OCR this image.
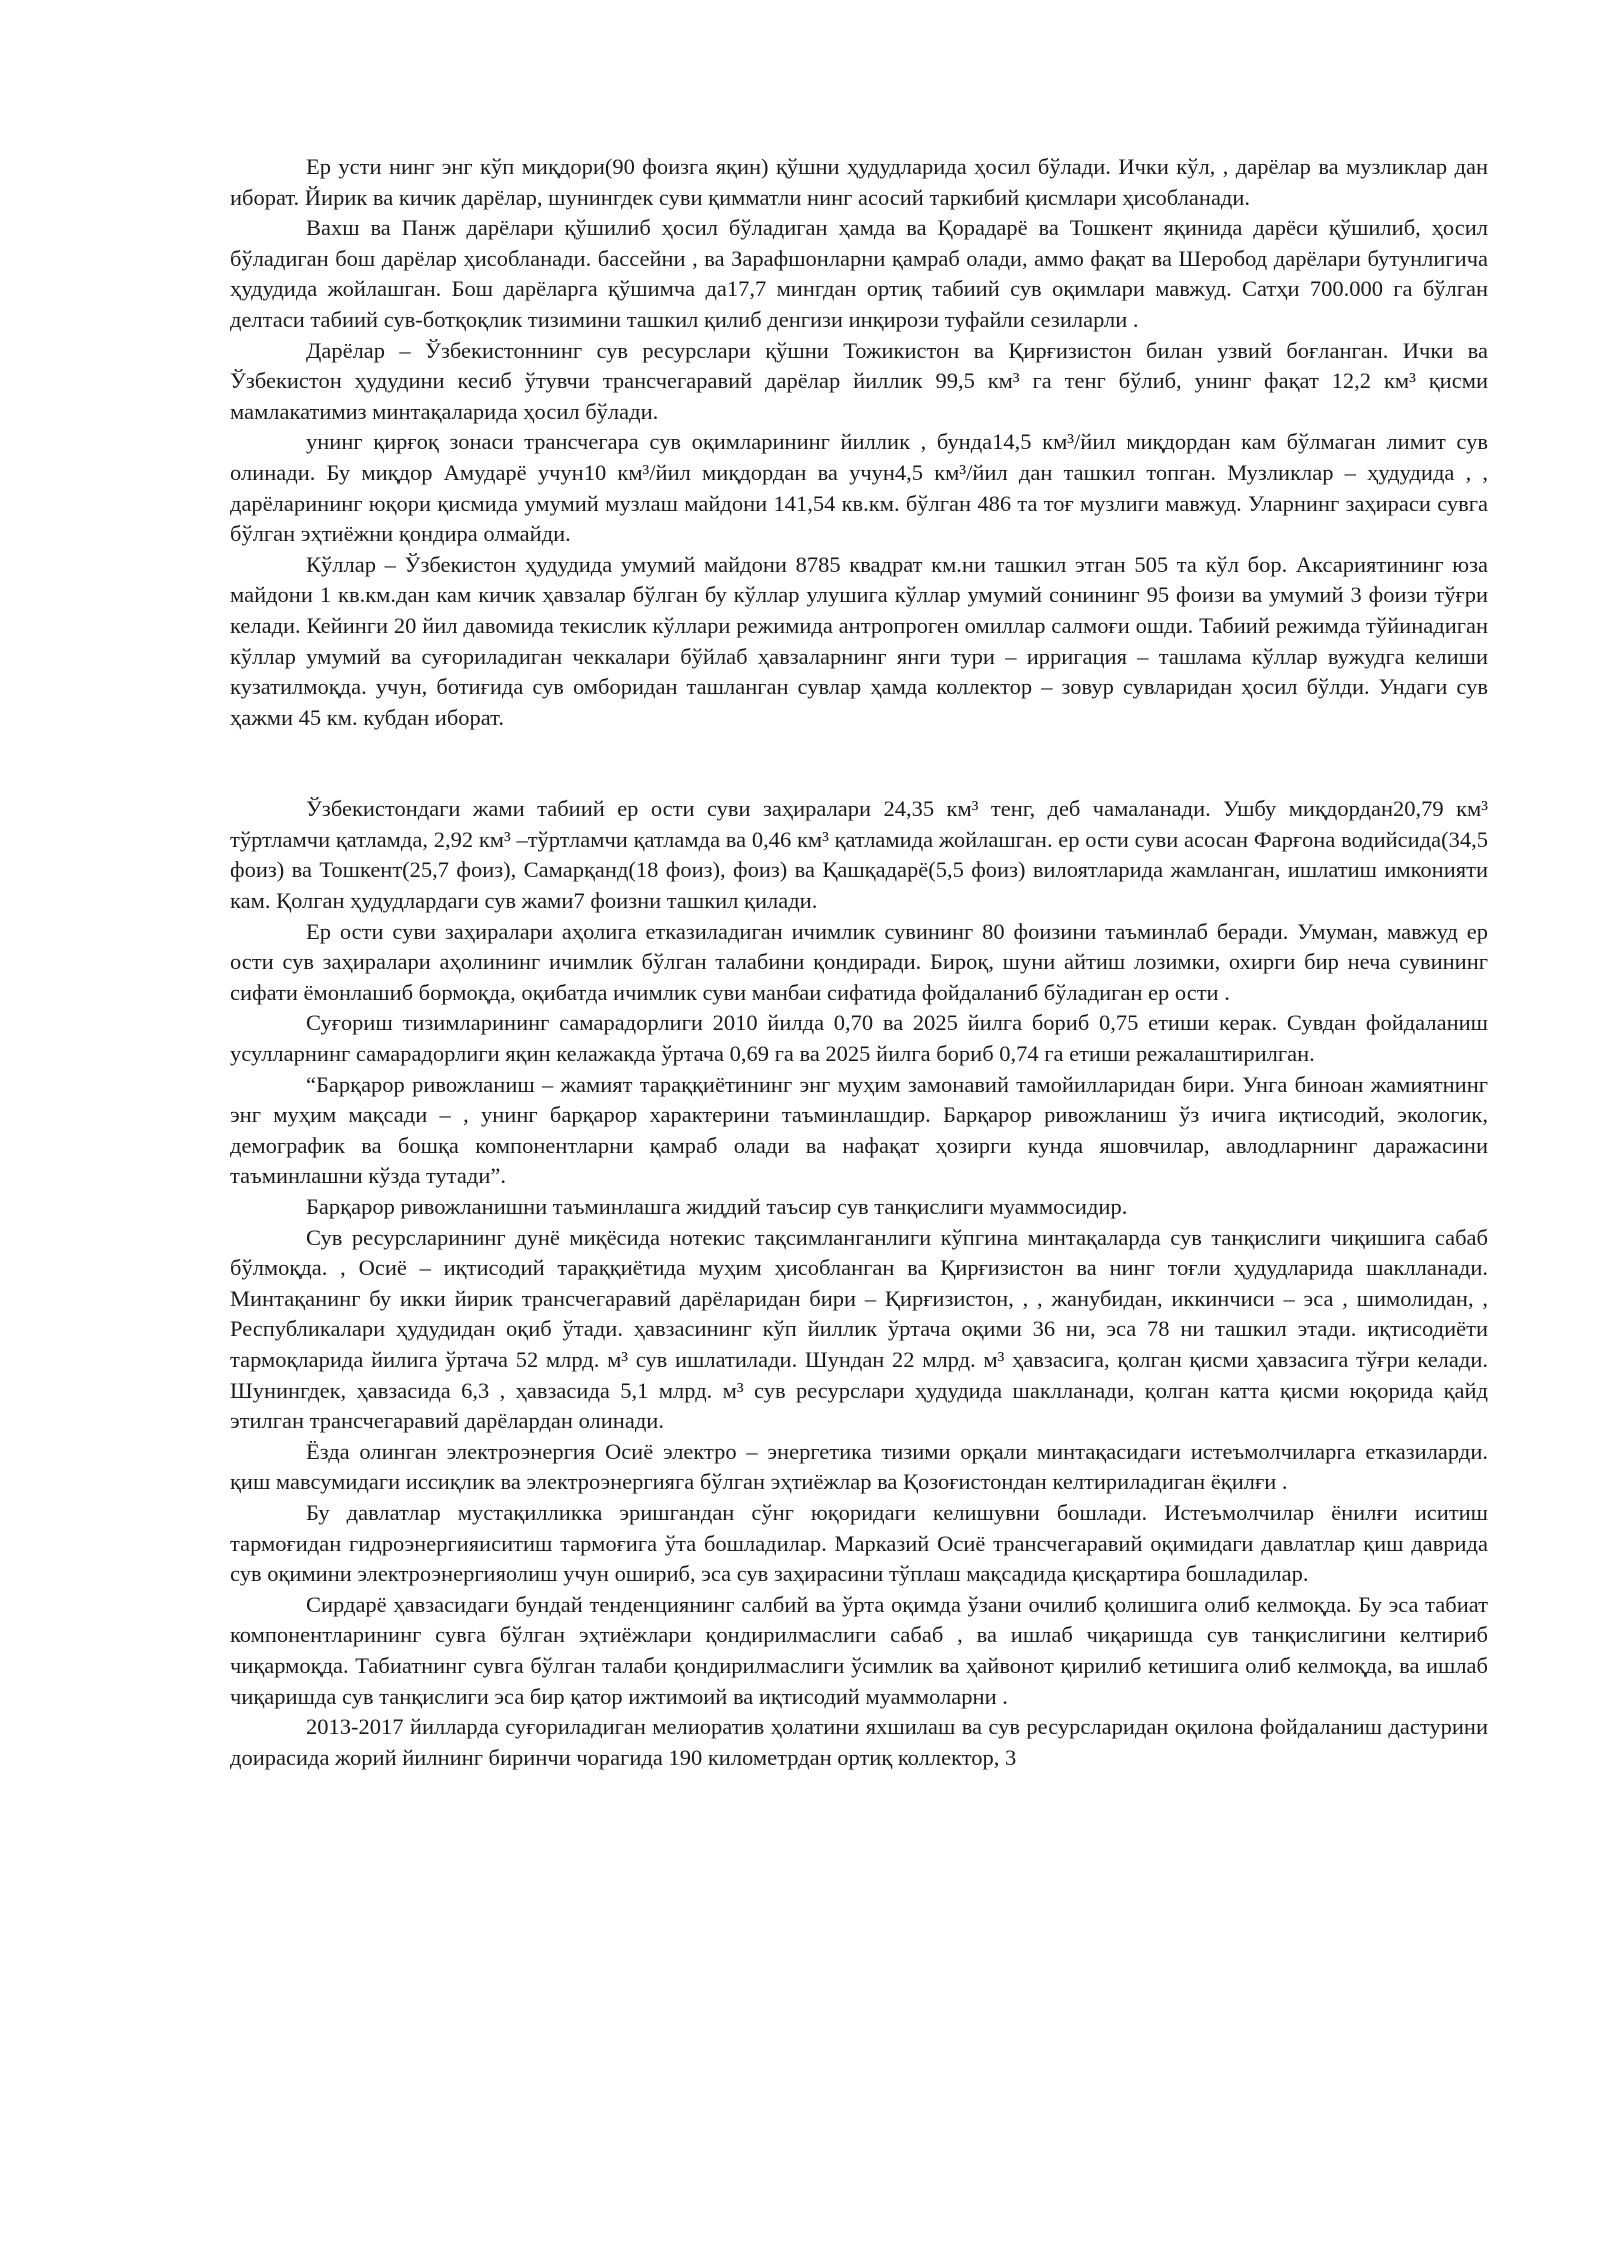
Ер усти нинг энг кўп миқдори(90 фоизга яқин) қўшни ҳудудларида ҳосил бўлади. Ички кўл, , дарёлар ва музликлар дан иборат. Йирик ва кичик дарёлар, шунингдек суви қимматли нинг асосий таркибий қисмлари ҳисобланади.

Вахш ва Панж дарёлари қўшилиб ҳосил бўладиган ҳамда ва Қорадарё ва Тошкент яқинида дарёси қўшилиб, ҳосил бўладиган бош дарёлар ҳисобланади. бассейни , ва Зарафшонларни қамраб олади, аммо фақат ва Шеробод дарёлари бутунлигича ҳудудида жойлашган. Бош дарёларга қўшимча да17,7 мингдан ортиқ табиий сув оқимлари мавжуд. Сатҳи 700.000 га бўлган делтаси табиий сув-ботқоқлик тизимини ташкил қилиб денгизи инқирози туфайли сезиларли .

Дарёлар – Ўзбекистоннинг сув ресурслари қўшни Тожикистон ва Қирғизистон билан узвий боғланган. Ички ва Ўзбекистон ҳудудини кесиб ўтувчи трансчегаравий дарёлар йиллик 99,5 км³ га тенг бўлиб, унинг фақат 12,2 км³ қисми мамлакатимиз минтақаларида ҳосил бўлади.

унинг қирғоқ зонаси трансчегара сув оқимларининг йиллик , бунда14,5 км³/йил миқдордан кам бўлмаган лимит сув олинади. Бу миқдор Амударё учун10 км³/йил миқдордан ва учун4,5 км³/йил дан ташкил топган. Музликлар – ҳудудида , , дарёларининг юқори қисмида умумий музлаш майдони 141,54 кв.км. бўлган 486 та тоғ музлиги мавжуд. Уларнинг заҳираси сувга бўлган эҳтиёжни қондира олмайди.

Кўллар – Ўзбекистон ҳудудида умумий майдони 8785 квадрат км.ни ташкил этган 505 та кўл бор. Аксариятининг юза майдони 1 кв.км.дан кам кичик ҳавзалар бўлган бу кўллар улушига кўллар умумий сонининг 95 фоизи ва умумий 3 фоизи тўғри келади. Кейинги 20 йил давомида текислик кўллари режимида антропроген омиллар салмоғи ошди. Табиий режимда тўйинадиган кўллар умумий ва суғориладиган чеккалари бўйлаб ҳавзаларнинг янги тури – ирригация – ташлама кўллар вужудга келиши кузатилмоқда. учун, ботиғида сув омборидан ташланган сувлар ҳамда коллектор – зовур сувларидан ҳосил бўлди. Ундаги сув ҳажми 45 км. кубдан иборат.

Ўзбекистондаги жами табиий ер ости суви заҳиралари 24,35 км³ тенг, деб чамаланади. Ушбу миқдордан20,79 км³ тўртламчи қатламда, 2,92 км³ –тўртламчи қатламда ва 0,46 км³ қатламида жойлашган. ер ости суви асосан Фарғона водийсида(34,5 фоиз) ва Тошкент(25,7 фоиз), Самарқанд(18 фоиз), фоиз) ва Қашқадарё(5,5 фоиз) вилоятларида жамланган, ишлатиш имконияти кам. Қолган ҳудудлардаги сув жами7 фоизни ташкил қилади.

Ер ости суви заҳиралари аҳолига етказиладиган ичимлик сувининг 80 фоизини таъминлаб беради. Умуман, мавжуд ер ости сув заҳиралари аҳолининг ичимлик бўлган талабини қондиради. Бироқ, шуни айтиш лозимки, охирги бир неча сувининг сифати ёмонлашиб бормоқда, оқибатда ичимлик суви манбаи сифатида фойдаланиб бўладиган ер ости .

Суғориш тизимларининг самарадорлиги 2010 йилда 0,70 ва 2025 йилга бориб 0,75 етиши керак. Сувдан фойдаланиш усулларнинг самарадорлиги яқин келажакда ўртача 0,69 га ва 2025 йилга бориб 0,74 га етиши режалаштирилган.

“Барқарор ривожланиш – жамият тараққиётининг энг муҳим замонавий тамойилларидан бири. Унга биноан жамиятнинг энг муҳим мақсади – , унинг барқарор характерини таъминлашдир. Барқарор ривожланиш ўз ичига иқтисодий, экологик, демографик ва бошқа компонентларни қамраб олади ва нафақат ҳозирги кунда яшовчилар, авлодларнинг даражасини таъминлашни кўзда тутади”.

Барқарор ривожланишни таъминлашга жиддий таъсир сув танқислиги муаммосидир.

Сув ресурсларининг дунё миқёсида нотекис тақсимланганлиги кўпгина минтақаларда сув танқислиги чиқишига сабаб бўлмоқда. , Осиё – иқтисодий тараққиётида муҳим ҳисобланган ва Қирғизистон ва нинг тоғли ҳудудларида шаклланади. Минтақанинг бу икки йирик трансчегаравий дарёларидан бири – Қирғизистон, , , жанубидан, иккинчиси – эса , шимолидан, , Республикалари ҳудудидан оқиб ўтади. ҳавзасининг кўп йиллик ўртача оқими 36 ни, эса 78 ни ташкил этади. иқтисодиёти тармоқларида йилига ўртача 52 млрд. м³ сув ишлатилади. Шундан 22 млрд. м³ ҳавзасига, қолган қисми ҳавзасига тўғри келади. Шунингдек, ҳавзасида 6,3 , ҳавзасида 5,1 млрд. м³ сув ресурслари ҳудудида шаклланади, қолган катта қисми юқорида қайд этилган трансчегаравий дарёлардан олинади.

Ёзда олинган электроэнергия Осиё электро – энергетика тизими орқали минтақасидаги истеъмолчиларга етказиларди. қиш мавсумидаги иссиқлик ва электроэнергияга бўлган эҳтиёжлар ва Қозоғистондан келтириладиган ёқилғи .

Бу давлатлар мустақилликка эришгандан сўнг юқоридаги келишувни бошлади. Истеъмолчилар ёнилғи иситиш тармоғидан гидроэнергияиситиш тармоғига ўта бошладилар. Марказий Осиё трансчегаравий оқимидаги давлатлар қиш даврида сув оқимини электроэнергияолиш учун ошириб, эса сув заҳирасини тўплаш мақсадида қисқартира бошладилар.

Сирдарё ҳавзасидаги бундай тенденциянинг салбий ва ўрта оқимда ўзани очилиб қолишига олиб келмоқда. Бу эса табиат компонентларининг сувга бўлган эҳтиёжлари қондирилмаслиги сабаб , ва ишлаб чиқаришда сув танқислигини келтириб чиқармоқда. Табиатнинг сувга бўлган талаби қондирилмаслиги ўсимлик ва ҳайвонот қирилиб кетишига олиб келмоқда, ва ишлаб чиқаришда сув танқислиги эса бир қатор ижтимоий ва иқтисодий муаммоларни .

2013-2017 йилларда суғориладиган мелиоратив ҳолатини яхшилаш ва сув ресурсларидан оқилона фойдаланиш дастурини доирасида жорий йилнинг биринчи чорагида 190 километрдан ортиқ коллектор, 3
